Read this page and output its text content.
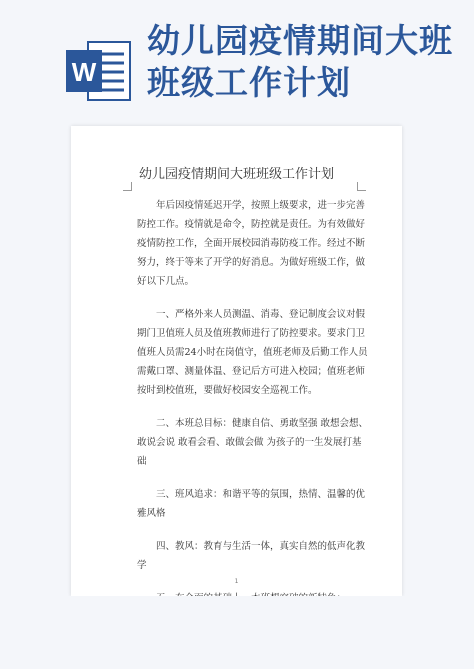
W
幼儿园疫情期间大班班级工作计划
幼儿园疫情期间大班班级工作计划

年后因疫情延迟开学，按照上级要求，进一步完善防控工作。疫情就是命令，防控就是责任。为有效做好疫情防控工作，全面开展校园消毒防疫工作。经过不断努力，终于等来了开学的好消息。为做好班级工作，做好以下几点。

一、严格外来人员测温、消毒、登记制度会议对假期门卫值班人员及值班教师进行了防控要求。要求门卫值班人员需24小时在岗值守，值班老师及后勤工作人员需戴口罩、测量体温、登记后方可进入校园；值班老师按时到校值班，要做好校园安全巡视工作。

二、本班总目标：健康自信、勇敢坚强 敢想会想、敢说会说 敢看会看、敢做会做 为孩子的一生发展打基础

三、班风追求：和谐平等的氛围，热情、温馨的优雅风格

四、教风：教育与生活一体，真实自然的低声化教学

1
